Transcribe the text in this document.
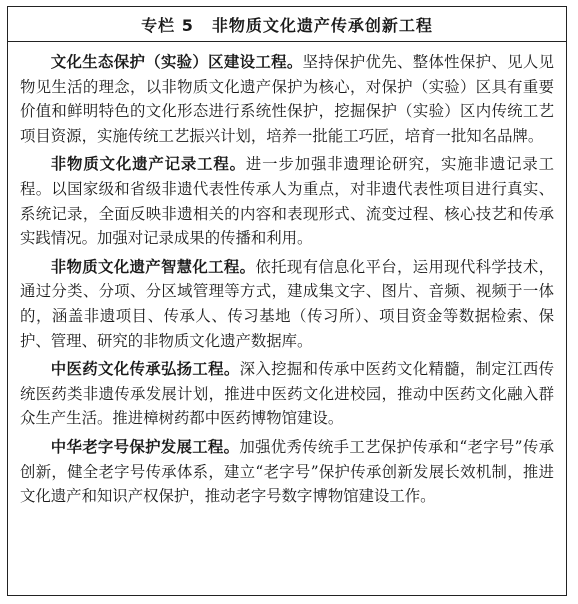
专栏 5 非物质文化遗产传承创新工程

文化生态保护（实验）区建设工程。坚持保护优先、整体性保护、见人见物见生活的理念，以非物质文化遗产保护为核心，对保护（实验）区具有重要价值和鲜明特色的文化形态进行系统性保护，挖掘保护（实验）区内传统工艺项目资源，实施传统工艺振兴计划，培养一批能工巧匠，培育一批知名品牌。

非物质文化遗产记录工程。进一步加强非遗理论研究，实施非遗记录工程。以国家级和省级非遗代表性传承人为重点，对非遗代表性项目进行真实、系统记录，全面反映非遗相关的内容和表现形式、流变过程、核心技艺和传承实践情况。加强对记录成果的传播和利用。

非物质文化遗产智慧化工程。依托现有信息化平台，运用现代科学技术，通过分类、分项、分区域管理等方式，建成集文字、图片、音频、视频于一体的，涵盖非遗项目、传承人、传习基地（传习所）、项目资金等数据检索、保护、管理、研究的非物质文化遗产数据库。

中医药文化传承弘扬工程。深入挖掘和传承中医药文化精髓，制定江西传统医药类非遗传承发展计划，推进中医药文化进校园，推动中医药文化融入群众生产生活。推进樟树药都中医药博物馆建设。

中华老字号保护发展工程。加强优秀传统手工艺保护传承和“老字号”传承创新，健全老字号传承体系，建立“老字号”保护传承创新发展长效机制，推进文化遗产和知识产权保护，推动老字号数字博物馆建设工作。
